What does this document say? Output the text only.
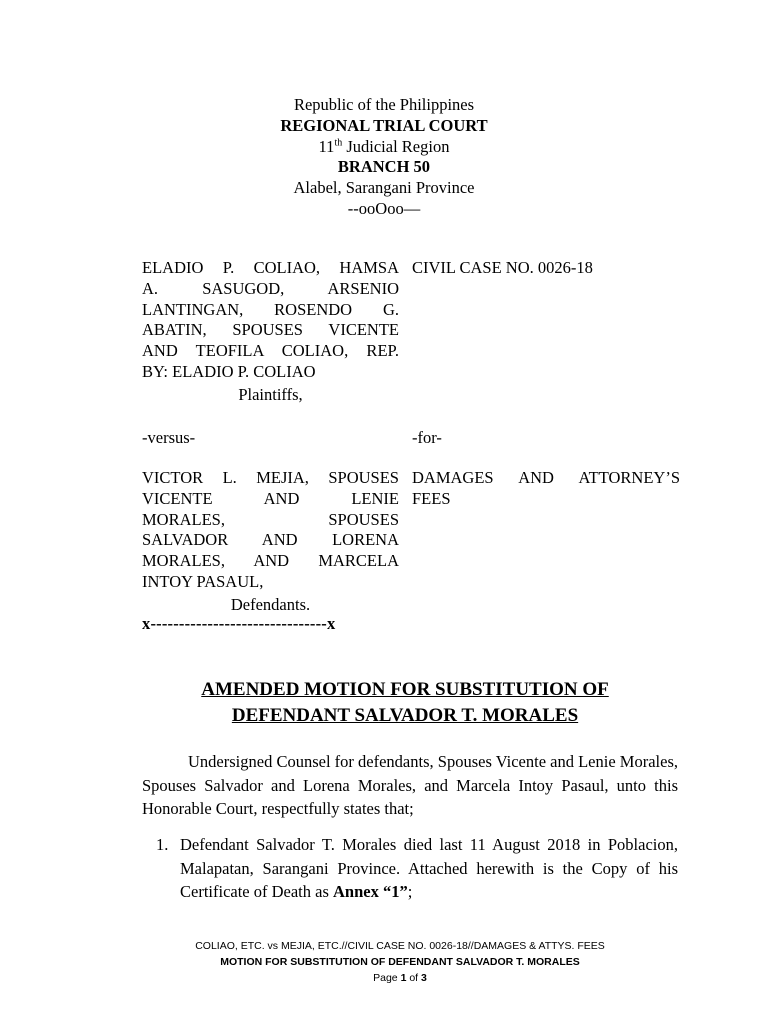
Republic of the Philippines
REGIONAL TRIAL COURT
11th Judicial Region
BRANCH 50
Alabel, Sarangani Province
--ooOoo—
ELADIO P. COLIAO, HAMSA
A. SASUGOD, ARSENIO
LANTINGAN, ROSENDO G.
ABATIN, SPOUSES VICENTE
AND TEOFILA COLIAO, REP.
BY: ELADIO P. COLIAO
Plaintiffs,
-versus-
VICTOR L. MEJIA, SPOUSES
VICENTE AND LENIE
MORALES, SPOUSES
SALVADOR AND LORENA
MORALES, AND MARCELA
INTOY PASAUL,
Defendants.
x-------------------------------x
CIVIL CASE NO. 0026-18
-for-
DAMAGES AND ATTORNEY’S
FEES
AMENDED MOTION FOR SUBSTITUTION OF
DEFENDANT SALVADOR T. MORALES
Undersigned Counsel for defendants, Spouses Vicente and Lenie Morales, Spouses Salvador and Lorena Morales, and Marcela Intoy Pasaul, unto this Honorable Court, respectfully states that;
1. Defendant Salvador T. Morales died last 11 August 2018 in Poblacion, Malapatan, Sarangani Province. Attached herewith is the Copy of his Certificate of Death as Annex “1”;
COLIAO, ETC. vs MEJIA, ETC.//CIVIL CASE NO. 0026-18//DAMAGES & ATTYS. FEES
MOTION FOR SUBSTITUTION OF DEFENDANT SALVADOR T. MORALES
Page 1 of 3
